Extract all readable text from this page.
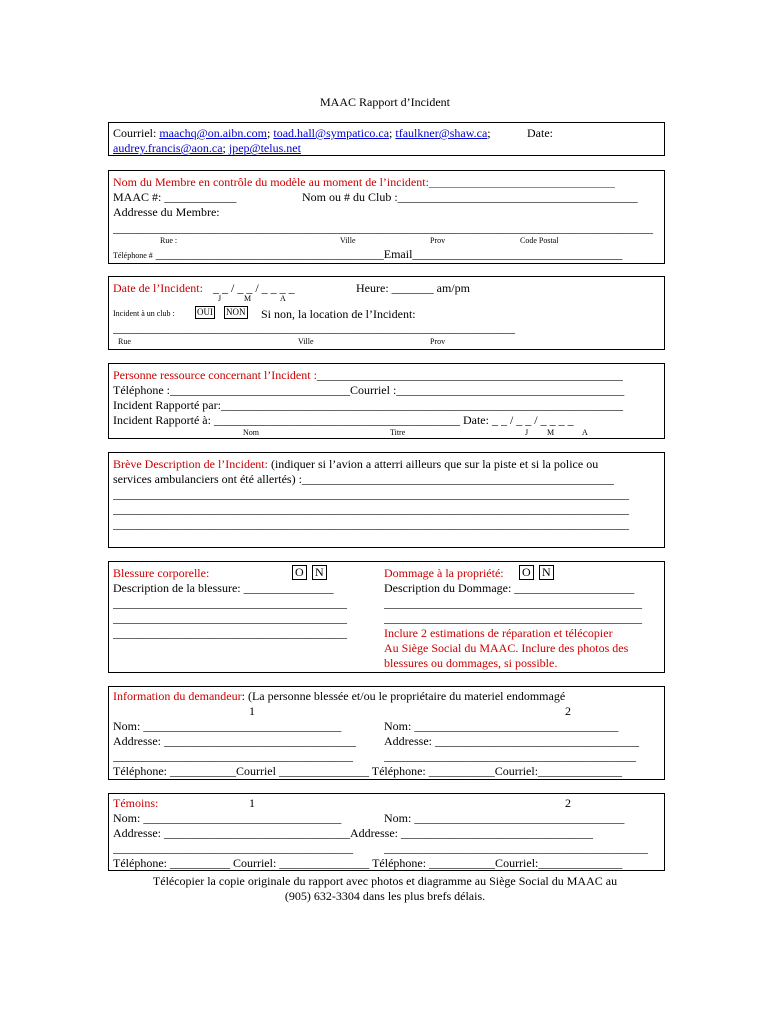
MAAC Rapport d’Incident
Courriel: maachq@on.aibn.com; toad.hall@sympatico.ca; tfaulkner@shaw.ca;	Date:
audrey.francis@aon.ca; jpep@telus.net
Nom du Membre en contrôle du modèle au moment de l’incident:_______________________________
MAAC #: ____________	Nom ou # du Club :________________________________________
Addresse du Membre:
__________________________________________________________________________________________
Rue :	Ville	Prov	Code Postal
Téléphone # ______________________________________Email___________________________________
Date de l’Incident: _ _ / _ _ / _ _ _ _
J	M	A
Heure: _______ am/pm
Incident à un club : OUI NON Si non, la location de l’Incident:
___________________________________________________________________
Rue	Ville	Prov
Personne ressource concernant l’Incident :___________________________________________________
Téléphone :______________________________Courriel :______________________________________
Incident Rapporté par:___________________________________________________________________
Incident Rapporté à: _________________________________________ Date: _ _ / _ _ / _ _ _ _
Nom	Titre	J M	A
Brève Description de l’Incident: (indiquer si l’avion a atterri ailleurs que sur la piste et si la police ou
services ambulanciers ont été allertés) :____________________________________________________
______________________________________________________________________________________
______________________________________________________________________________________
______________________________________________________________________________________
Blessure corporelle:	O N
Description de la blessure: _______________
_______________________________________
_______________________________________
_______________________________________
Dommage à la propriété: O N
Description du Dommage: ____________________
___________________________________________
___________________________________________
Inclure 2 estimations de réparation et télécopier
Au Siège Social du MAAC. Inclure des photos des
blessures ou dommages, si possible.
Information du demandeur: (La personne blessée et/ou le propriétaire du materiel endommagé
1	2
Nom: _________________________________	Nom: __________________________________
Addresse: ________________________________ Addresse: __________________________________
________________________________________	__________________________________________
Téléphone: ___________Courriel _______________ Téléphone: ___________Courriel:______________
Témoins:	1	2
Nom: _________________________________	Nom: ___________________________________
Addresse: _______________________________Addresse: ________________________________
________________________________________	____________________________________________
Téléphone: __________ Courriel: _______________ Téléphone: ___________Courriel:______________
Télécopier la copie originale du rapport avec photos et diagramme au Siège Social du MAAC au
(905) 632-3304 dans les plus brefs délais.
